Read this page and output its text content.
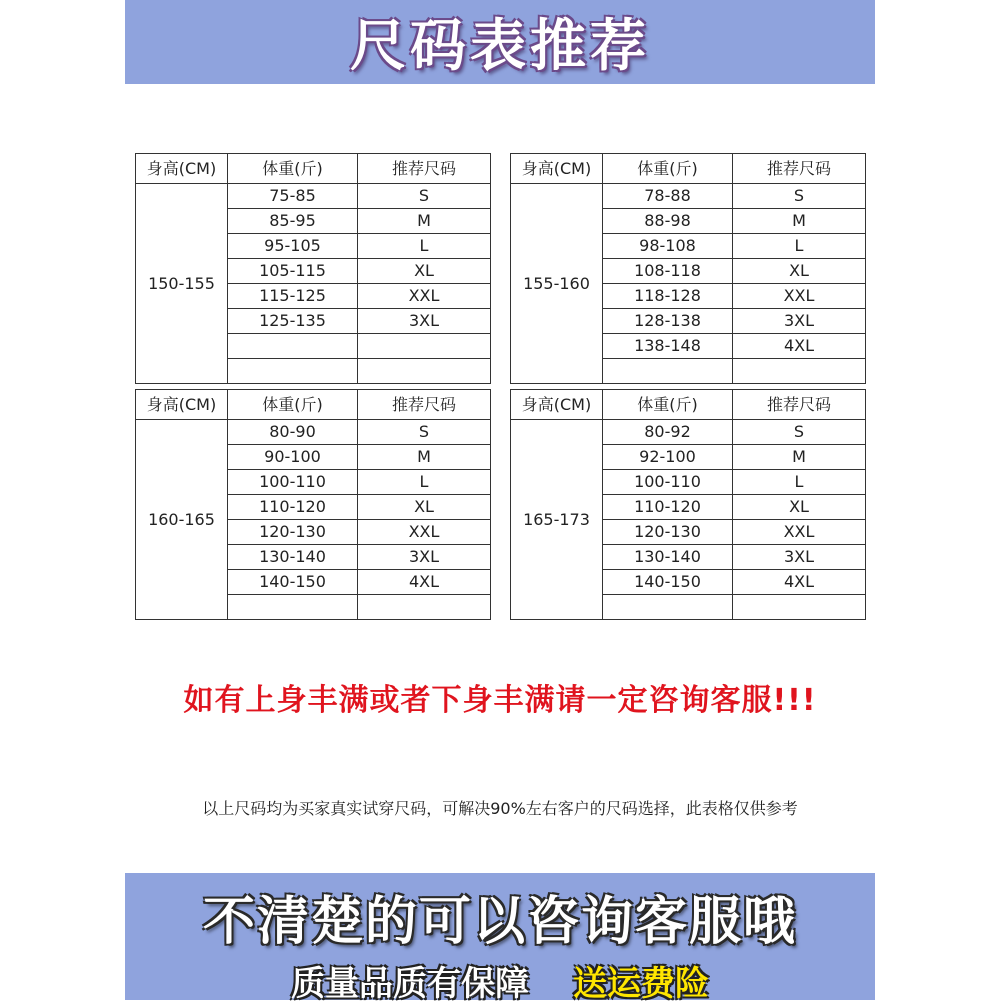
尺码表推荐
身高(CM)	体重(斤)	推荐尺码
150-155	75-85	S
	85-95	M
	95-105	L
	105-115	XL
	115-125	XXL
	125-135	3XL

身高(CM)	体重(斤)	推荐尺码
155-160	78-88	S
	88-98	M
	98-108	L
	108-118	XL
	118-128	XXL
	128-138	3XL
	138-148	4XL

身高(CM)	体重(斤)	推荐尺码
160-165	80-90	S
	90-100	M
	100-110	L
	110-120	XL
	120-130	XXL
	130-140	3XL
	140-150	4XL

身高(CM)	体重(斤)	推荐尺码
165-173	80-92	S
	92-100	M
	100-110	L
	110-120	XL
	120-130	XXL
	130-140	3XL
	140-150	4XL

如有上身丰满或者下身丰满请一定咨询客服!!!
以上尺码均为买家真实试穿尺码，可解决90%左右客户的尺码选择，此表格仅供参考
不清楚的可以咨询客服哦
质量品质有保障 送运费险
